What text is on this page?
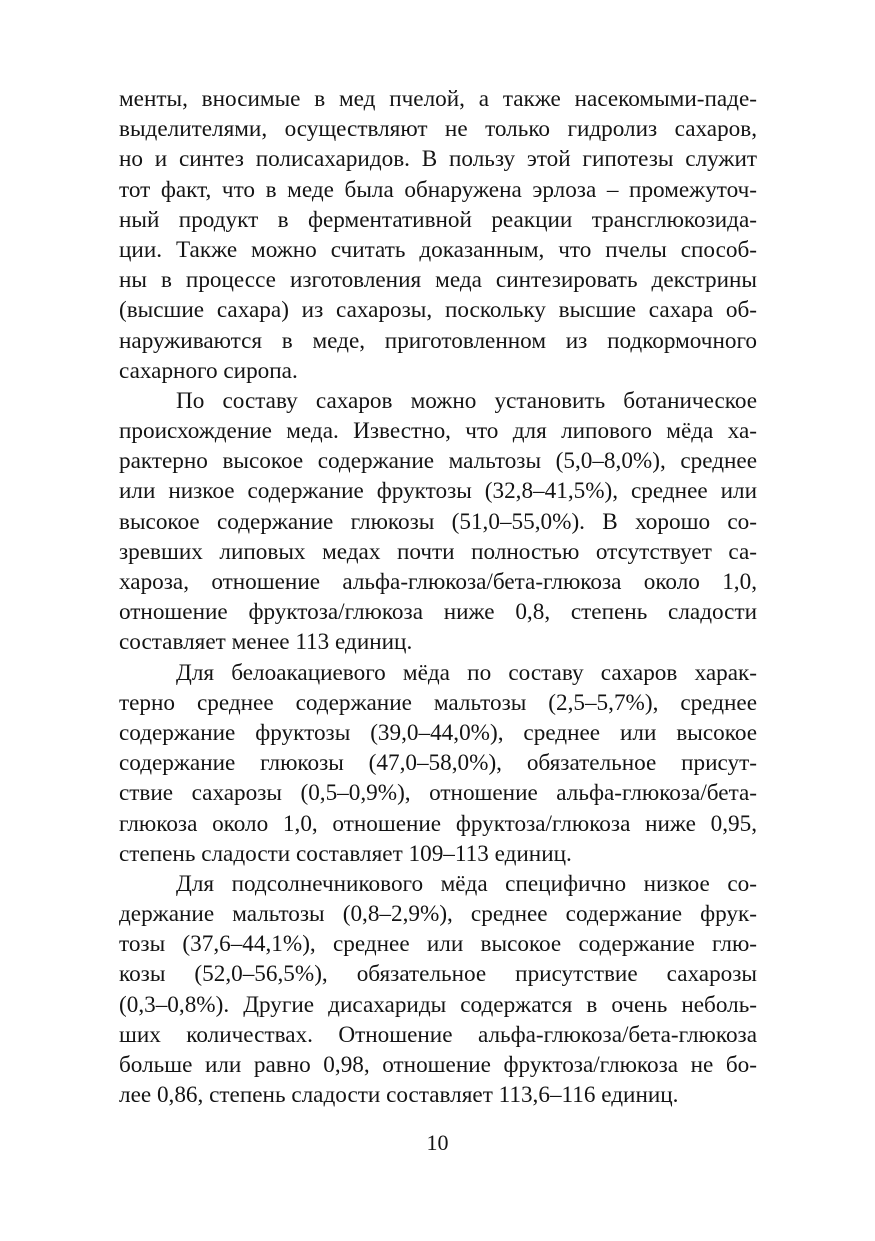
менты, вносимые в мед пчелой, а также насекомыми-паде-
выделителями, осуществляют не только гидролиз сахаров,
но и синтез полисахаридов. В пользу этой гипотезы служит
тот факт, что в меде была обнаружена эрлоза – промежуточ-
ный продукт в ферментативной реакции трансглюкозида-
ции. Также можно считать доказанным, что пчелы способ-
ны в процессе изготовления меда синтезировать декстрины
(высшие сахара) из сахарозы, поскольку высшие сахара об-
наруживаются в меде, приготовленном из подкормочного
сахарного сиропа.
По составу сахаров можно установить ботаническое
происхождение меда. Известно, что для липового мёда ха-
рактерно высокое содержание мальтозы (5,0–8,0%), среднее
или низкое содержание фруктозы (32,8–41,5%), среднее или
высокое содержание глюкозы (51,0–55,0%). В хорошо со-
зревших липовых медах почти полностью отсутствует са-
хароза, отношение альфа-глюкоза/бета-глюкоза около 1,0,
отношение фруктоза/глюкоза ниже 0,8, степень сладости
составляет менее 113 единиц.
Для белоакациевого мёда по составу сахаров харак-
терно среднее содержание мальтозы (2,5–5,7%), среднее
содержание фруктозы (39,0–44,0%), среднее или высокое
содержание глюкозы (47,0–58,0%), обязательное присут-
ствие сахарозы (0,5–0,9%), отношение альфа-глюкоза/бета-
глюкоза около 1,0, отношение фруктоза/глюкоза ниже 0,95,
степень сладости составляет 109–113 единиц.
Для подсолнечникового мёда специфично низкое со-
держание мальтозы (0,8–2,9%), среднее содержание фрук-
тозы (37,6–44,1%), среднее или высокое содержание глю-
козы (52,0–56,5%), обязательное присутствие сахарозы
(0,3–0,8%). Другие дисахариды содержатся в очень неболь-
ших количествах. Отношение альфа-глюкоза/бета-глюкоза
больше или равно 0,98, отношение фруктоза/глюкоза не бо-
лее 0,86, степень сладости составляет 113,6–116 единиц.
10
